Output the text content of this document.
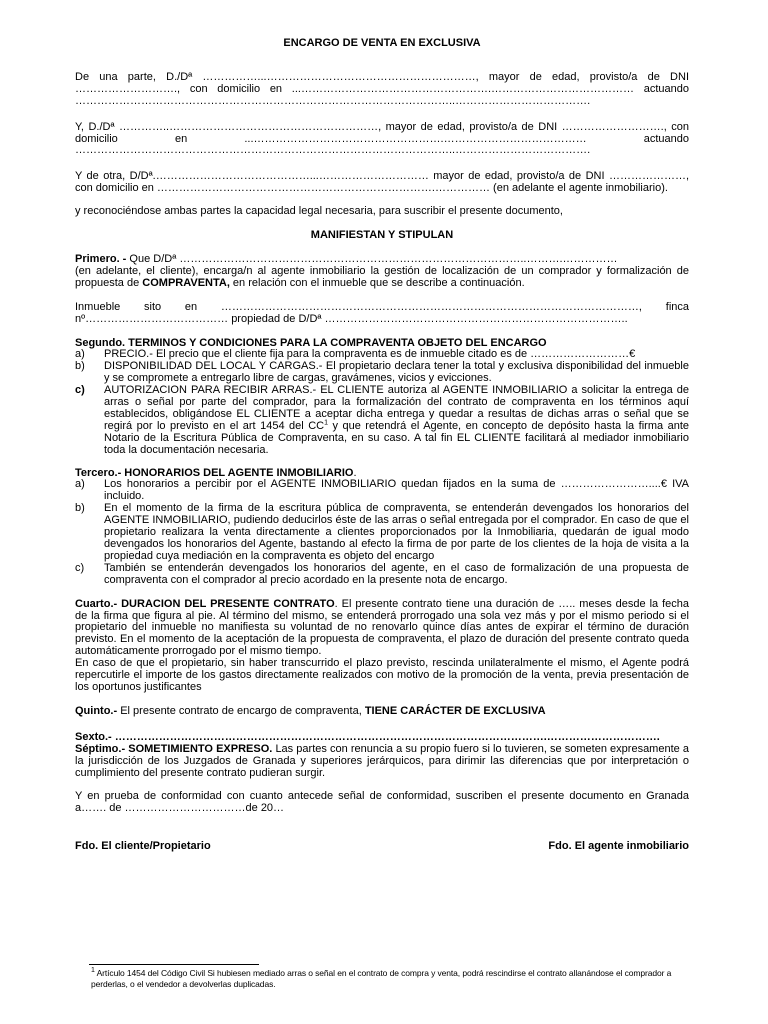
ENCARGO DE VENTA EN EXCLUSIVA

De una parte, D./Dª ……………...…………………………………………………, mayor de edad, provisto/a de DNI ………………………., con domicilio en ...…………………………………………….………………………………… actuando …………………………………………………………………………………………..……………………………….

Y, D./Dª …………..…………………………………………………, mayor de edad, provisto/a de DNI ………………………., con domicilio en ...…………………………………………….………………………………… actuando …………………………………………………………………………………………..……………………………….

Y de otra, D/Dª.……………………………………...………………………… mayor de edad, provisto/a de DNI …………………, con domicilio en ………………………………………………………………….…………… (en adelante el agente inmobiliario).

y reconociéndose ambas partes la capacidad legal necesaria, para suscribir el presente documento,

MANIFIESTAN Y STIPULAN

Primero. - Que D/Dª …………………………………………………………………………………..……….……………
(en adelante, el cliente), encarga/n al agente inmobiliario la gestión de localización de un comprador y formalización de propuesta de COMPRAVENTA, en relación con el inmueble que se describe a continuación.

Inmueble sito en ……………………………………………………………………………………………………, finca nº………………………………… propiedad de D/Dª ………………………………………………………………………..

Segundo. TERMINOS Y CONDICIONES PARA LA COMPRAVENTA OBJETO DEL ENCARGO

a) PRECIO.- El precio que el cliente fija para la compraventa es de inmueble citado es de ………………………€
b) DISPONIBILIDAD DEL LOCAL Y CARGAS.- El propietario declara tener la total y exclusiva disponibilidad del inmueble y se compromete a entregarlo libre de cargas, gravámenes, vicios y evicciones.
c) AUTORIZACION PARA RECIBIR ARRAS.- EL CLIENTE autoriza al AGENTE INMOBILIARIO a solicitar la entrega de arras o señal por parte del comprador, para la formalización del contrato de compraventa en los términos aquí establecidos, obligándose EL CLIENTE a aceptar dicha entrega y quedar a resultas de dichas arras o señal que se regirá por lo previsto en el art 1454 del $CC^1$ y que retendrá el Agente, en concepto de depósito hasta la firma ante Notario de la Escritura Pública de Compraventa, en su caso. A tal fin EL CLIENTE facilitará al mediador inmobiliario toda la documentación necesaria.

Tercero.- HONORARIOS DEL AGENTE INMOBILIARIO.

a) Los honorarios a percibir por el AGENTE INMOBILIARIO quedan fijados en la suma de ……………………....€ IVA incluido.
b) En el momento de la firma de la escritura pública de compraventa, se entenderán devengados los honorarios del AGENTE INMOBILIARIO, pudiendo deducirlos éste de las arras o señal entregada por el comprador. En caso de que el propietario realizara la venta directamente a clientes proporcionados por la Inmobiliaria, quedarán de igual modo devengados los honorarios del Agente, bastando al efecto la firma de por parte de los clientes de la hoja de visita a la propiedad cuya mediación en la compraventa es objeto del encargo
c) También se entenderán devengados los honorarios del agente, en el caso de formalización de una propuesta de compraventa con el comprador al precio acordado en la presente nota de encargo.

Cuarto.- DURACION DEL PRESENTE CONTRATO. El presente contrato tiene una duración de ….. meses desde la fecha de la firma que figura al pie. Al término del mismo, se entenderá prorrogado una sola vez más y por el mismo periodo si el propietario del inmueble no manifiesta su voluntad de no renovarlo quince días antes de expirar el término de duración previsto. En el momento de la aceptación de la propuesta de compraventa, el plazo de duración del presente contrato queda automáticamente prorrogado por el mismo tiempo.
En caso de que el propietario, sin haber transcurrido el plazo previsto, rescinda unilateralmente el mismo, el Agente podrá repercutirle el importe de los gastos directamente realizados con motivo de la promoción de la venta, previa presentación de los oportunos justificantes

Quinto.- El presente contrato de encargo de compraventa, TIENE CARÁCTER DE EXCLUSIVA

Sexto.- ……………………………………………………………………………………………………….………………………….

Séptimo.- SOMETIMIENTO EXPRESO. Las partes con renuncia a su propio fuero si lo tuvieren, se someten expresamente a la jurisdicción de los Juzgados de Granada y superiores jerárquicos, para dirimir las diferencias que por interpretación o cumplimiento del presente contrato pudieran surgir.

Y en prueba de conformidad con cuanto antecede señal de conformidad, suscriben el presente documento en Granada a……. de ……………………………de 20…

Fdo. El cliente/Propietario	Fdo. El agente inmobiliario

$^1$ Artículo 1454 del Código Civil Si hubiesen mediado arras o señal en el contrato de compra y venta, podrá rescindirse el contrato allanándose el comprador a perderlas, o el vendedor a devolverlas duplicadas.
